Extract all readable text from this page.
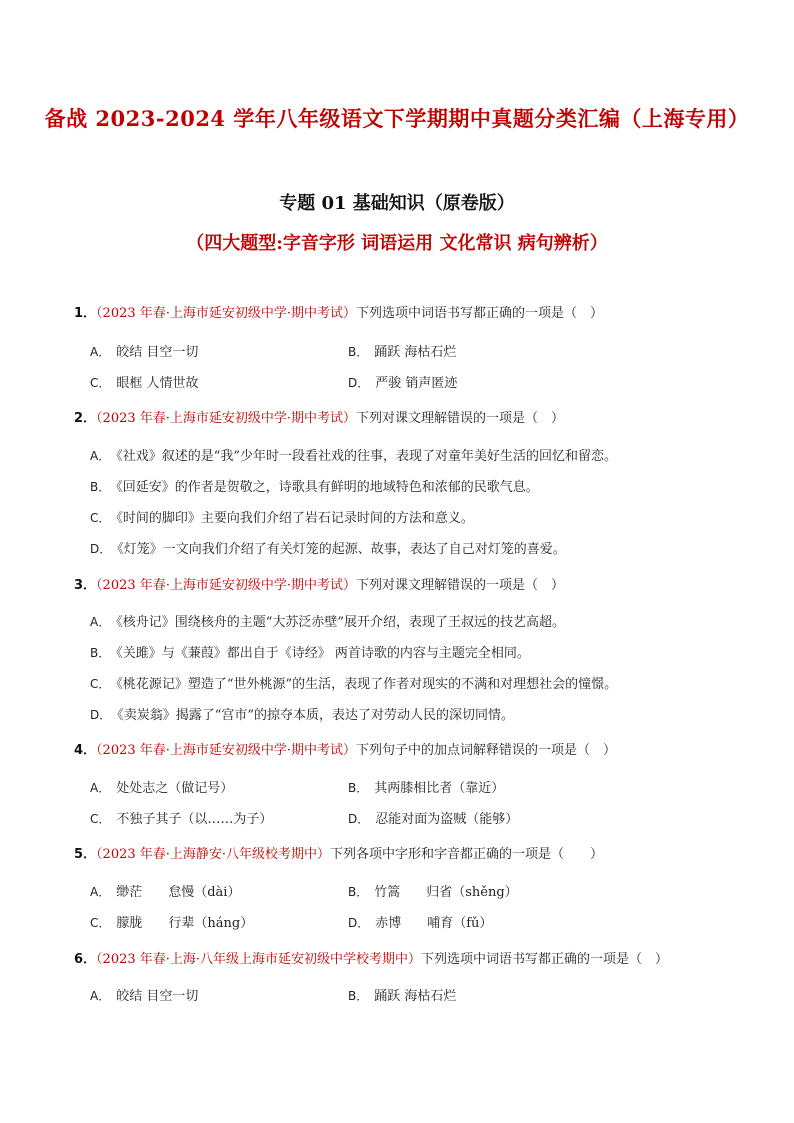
备战 2023-2024 学年八年级语文下学期期中真题分类汇编（上海专用）
专题 01 基础知识（原卷版）
（四大题型:字音字形 词语运用 文化常识 病句辨析）
1．（2023 年春·上海市延安初级中学·期中考试）下列选项中词语书写都正确的一项是（　）
A． 皎结 目空一切	B． 踊跃 海枯石烂
C． 眼框 人情世故	D． 严骏 销声匿迹
2．（2023 年春·上海市延安初级中学·期中考试）下列对课文理解错误的一项是（　）
A． 《社戏》叙述的是“我”少年时一段看社戏的往事，表现了对童年美好生活的回忆和留恋。
B． 《回延安》的作者是贺敬之，诗歌具有鲜明的地域特色和浓郁的民歌气息。
C． 《时间的脚印》主要向我们介绍了岩石记录时间的方法和意义。
D． 《灯笼》一文向我们介绍了有关灯笼的起源、故事，表达了自己对灯笼的喜爱。
3．（2023 年春·上海市延安初级中学·期中考试）下列对课文理解错误的一项是（　）
A． 《核舟记》围绕核舟的主题“大苏泛赤壁”展开介绍，表现了王叔远的技艺高超。
B． 《关雎》与《蒹葭》都出自于《诗经》 两首诗歌的内容与主题完全相同。
C． 《桃花源记》塑造了“世外桃源”的生活，表现了作者对现实的不满和对理想社会的憧憬。
D． 《卖炭翁》揭露了“宫市”的掠夺本质，表达了对劳动人民的深切同情。
4．（2023 年春·上海市延安初级中学·期中考试）下列句子中的加点词解释错误的一项是（　）
A． 处处志之（做记号）	B． 其两膝相比者（靠近）
C． 不独子其子（以……为子）	D． 忍能对面为盗贼（能够）
5．（2023 年春·上海静安·八年级校考期中）下列各项中字形和字音都正确的一项是（　　）
A． 缈茫　　怠慢（dài）	B． 竹篙　　归省（shěng）
C． 朦胧　　行辈（háng）	D． 赤博　　哺育（fǔ）
6．（2023 年春·上海·八年级上海市延安初级中学校考期中）下列选项中词语书写都正确的一项是（　）
A． 皎结 目空一切	B． 踊跃 海枯石烂
